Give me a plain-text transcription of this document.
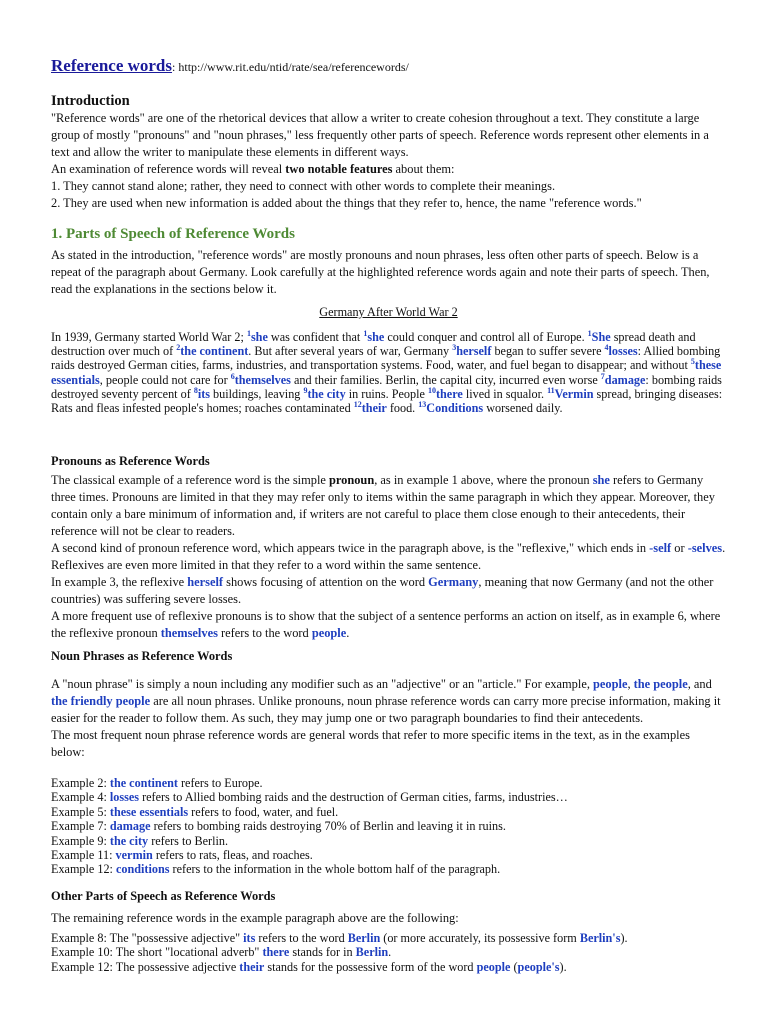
Reference words: http://www.rit.edu/ntid/rate/sea/referencewords/
Introduction

"Reference words" are one of the rhetorical devices that allow a writer to create cohesion throughout a text. They constitute a large group of mostly "pronouns" and "noun phrases," less frequently other parts of speech. Reference words represent other elements in a text and allow the writer to manipulate these elements in different ways.

An examination of reference words will reveal two notable features about them:

1. They cannot stand alone; rather, they need to connect with other words to complete their meanings.

2. They are used when new information is added about the things that they refer to, hence, the name "reference words."

1. Parts of Speech of Reference Words

As stated in the introduction, "reference words" are mostly pronouns and noun phrases, less often other parts of speech. Below is a repeat of the paragraph about Germany. Look carefully at the highlighted reference words again and note their parts of speech. Then, read the explanations in the sections below it.

Germany After World War 2

In 1939, Germany started World War 2; $^1$she was confident that $^1$she could conquer and control all of Europe. $^1$She spread death and destruction over much of $^2$the continent. But after several years of war, Germany $^3$herself began to suffer severe $^4$losses: Allied bombing raids destroyed German cities, farms, industries, and transportation systems. Food, water, and fuel began to disappear; and without $^5$these essentials, people could not care for $^6$themselves and their families. Berlin, the capital city, incurred even worse $^7$damage: bombing raids destroyed seventy percent of $^8$its buildings, leaving $^9$the city in ruins. People $^{10}$there lived in squalor. $^{11}$Vermin spread, bringing diseases: Rats and fleas infested people's homes; roaches contaminated $^{12}$their food. $^{13}$Conditions worsened daily.

Pronouns as Reference Words

The classical example of a reference word is the simple pronoun, as in example 1 above, where the pronoun she refers to Germany three times. Pronouns are limited in that they may refer only to items within the same paragraph in which they appear. Moreover, they contain only a bare minimum of information and, if writers are not careful to place them close enough to their antecedents, their reference will not be clear to readers.

A second kind of pronoun reference word, which appears twice in the paragraph above, is the "reflexive," which ends in -self or -selves. Reflexives are even more limited in that they refer to a word within the same sentence.

In example 3, the reflexive herself shows focusing of attention on the word Germany, meaning that now Germany (and not the other countries) was suffering severe losses.

A more frequent use of reflexive pronouns is to show that the subject of a sentence performs an action on itself, as in example 6, where the reflexive pronoun themselves refers to the word people.

Noun Phrases as Reference Words

A "noun phrase" is simply a noun including any modifier such as an "adjective" or an "article." For example, people, the people, and the friendly people are all noun phrases. Unlike pronouns, noun phrase reference words can carry more precise information, making it easier for the reader to follow them. As such, they may jump one or two paragraph boundaries to find their antecedents.

The most frequent noun phrase reference words are general words that refer to more specific items in the text, as in the examples below:

Example 2: the continent refers to Europe.

Example 4: losses refers to Allied bombing raids and the destruction of German cities, farms, industries…

Example 5: these essentials refers to food, water, and fuel.

Example 7: damage refers to bombing raids destroying 70% of Berlin and leaving it in ruins.

Example 9: the city refers to Berlin.

Example 11: vermin refers to rats, fleas, and roaches.

Example 12: conditions refers to the information in the whole bottom half of the paragraph.

Other Parts of Speech as Reference Words

The remaining reference words in the example paragraph above are the following:

Example 8: The "possessive adjective" its refers to the word Berlin (or more accurately, its possessive form Berlin's).

Example 10: The short "locational adverb" there stands for in Berlin.

Example 12: The possessive adjective their stands for the possessive form of the word people (people's).
